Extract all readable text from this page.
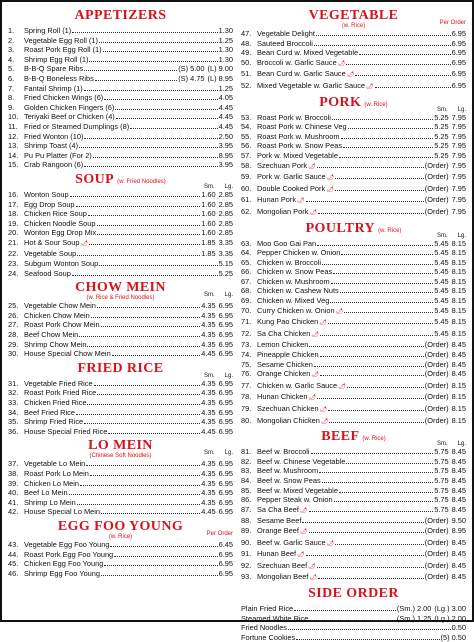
APPETIZERS
1.	Spring Roll (1)	1.30
2.	Vegetable Egg Roll (1)	1.25
3.	Roast Pork Egg Roll (1)	1.30
4.	Shrimp Egg Roll (1)	1.30
5.	B-B-Q Spare Ribs	(S) 5.00 (L) 9.00
6.	B-B-Q Boneless Ribs	(S) 4.75 (L) 8.95
7.	Fantail Shrimp (1)	1.25
8.	Fried Chicken Wings (6)	4.05
9.	Golden Chicken Fingers (6)	4.45
10. Teriyaki Beef or Chicken (4)	4.45
11. Fried or Steamed Dumplings (8)	4.45
12. Fried Wonton (10)	2.50
13. Shrimp Toast (4)	3.95
14. Pu Pu Platter (For 2)	8.95
15. Crab Rangoon (6)	3.95
SOUP (w. Fried Noodles)
Sm. Lg.
16. Wonton Soup	1.60 2.85
17. Egg Drop Soup	1.60 2.85
18. Chicken Rice Soup	1.60 2.85
19. Chicken Noodle Soup	1.60 2.85
20. Wonton Egg Drop Mix	1.60 2.85
21. Hot & Sour Soup 🌶	1.85 3.35
22. Vegetable Soup	1.85 3.35
23. Subgum Wonton Soup	5.15
24. Seafood Soup	5.25
CHOW MEIN	Sm. Lg.
(w. Rice & Fried Noodles)
25. Vegetable Chow Mein	4.35 6.95
26. Chicken Chow Mein	4.35 6.95
27. Roast Pork Chow Mein	4.35 6.95
28. Beef Chow Mein	4.35 6.95
29. Shrimp Chow Mein	4.35 6.95
30. House Special Chow Mein	4.45 6.95
FRIED RICE	Sm. Lg.
31. Vegetable Fried Rice	4.35 6.95
32. Roast Pork Fried Rice	4.35 6.95
33. Chicken Fried Rice	4.35 6.95
34. Beef Fried Rice	4.35 6.95
35. Shrimp Fried Rice	4.35 6.95
36. House Special Fried Rice	4.45 6.95
LO MEIN	Sm. Lg.
(Chinese Soft Noodles)
37. Vegetable Lo Mein	4.35 6.95
38. Roast Pork Lo Mein	4.35 6.95
39. Chicken Lo Mein	4.35 6.95
40. Beef Lo Mein	4.35 6.95
41. Shrimp Lo Mein	4.35 6.95
42. House Special Lo Mein	4.45 6.95
EGG FOO YOUNG	Per Order
(w. Rice)
43. Vegetable Egg Foo Young	6.45
44. Roast Pork Egg Foo Young	6.95
45. Chicken Egg Foo Young	6.95
46. Shrimp Egg Foo Young	6.95
VEGETABLE	Per Order
(w. Rice)
47. Vegetable Delight	6.95
48. Sauteed Broccoli	6.95
49. Bean Curd w. Mixed Vegetable	6.95
50. Broccoli w. Garlic Sauce 🌶	6.95
51. Bean Curd w. Garlic Sauce 🌶	6.95
52. Mixed Vegetable w. Garlic Sauce 🌶	6.95
PORK (w. Rice)
Sm. Lg.
53. Roast Pork w. Broccoli	5.25 7.95
54. Roast Pork w. Chinese Veg	5.25 7.95
55. Roast Pork w. Mushroom	5.25 7.95
56. Roast Pork w. Snow Peas	5.25 7.95
57. Pork w. Mixed Vegetable	5.25 7.95
58. Szechuan Pork 🌶	(Order) 7.95
59. Pork w. Garlic Sauce 🌶	(Order) 7.95
60. Double Cooked Pork 🌶	(Order) 7.95
61. Hunan Pork 🌶	(Order) 7.95
62. Mongolian Pork 🌶	(Order) 7.95
POULTRY (w. Rice)
Sm. Lg.
63. Moo Goo Gai Pan	5.45 8.15
64. Pepper Chicken w. Onion	5.45 8.15
65. Chicken w. Broccoli	5.45 8.15
66. Chicken w. Snow Peas	5.45 8.15
67. Chicken w. Mushroom	5.45 8.15
68. Chicken w. Cashew Nuts	5.45 8.15
69. Chicken w. Mixed Veg	5.45 8.15
70. Curry Chicken w. Onion 🌶	5.45 8.15
71. Kung Pao Chicken 🌶	5.45 8.15
72. Sa Cha Chicken 🌶	5.45 8.15
73. Lemon Chicken	(Order) 8.45
74. Pineapple Chicken	(Order) 8.45
75. Sesame Chicken	(Order) 8.45
76. Orange Chicken 🌶	(Order) 8.45
77. Chicken w. Garlic Sauce 🌶	(Order) 8.15
78. Hunan Chicken 🌶	(Order) 8.15
79. Szechuan Chicken 🌶	(Order) 8.15
80. Mongolian Chicken 🌶	(Order) 8.15
BEEF (w. Rice)
Sm. Lg.
81. Beef w. Broccoli	5.75 8.45
82. Beef w. Chinese Vegetable	5.75 8.45
83. Beef w. Mushroom	5.75 8.45
84. Beef w. Snow Peas	5.75 8.45
85. Beef w. Mixed Vegetable	5.75 8.45
86. Pepper Steak w. Onion	5.75 8.45
87. Sa Cha Beef 🌶	5.75 8.45
88. Sesame Beef	(Order) 9.50
89. Orange Beef 🌶	(Order) 8.95
90. Beef w. Garlic Sauce 🌶	(Order) 8.45
91. Hunan Beef 🌶	(Order) 8.45
92. Szechuan Beef 🌶	(Order) 8.45
93. Mongolian Beef 🌶	(Order) 8.45
SIDE ORDER
Plain Fried Rice	(Sm.) 2.00 (Lg.) 3.00
Steamed White Rice	(Sm.) 1.25 (Lg.) 2.00
Fried Noodles	0.50
Fortune Cookies	(5) 0.50
